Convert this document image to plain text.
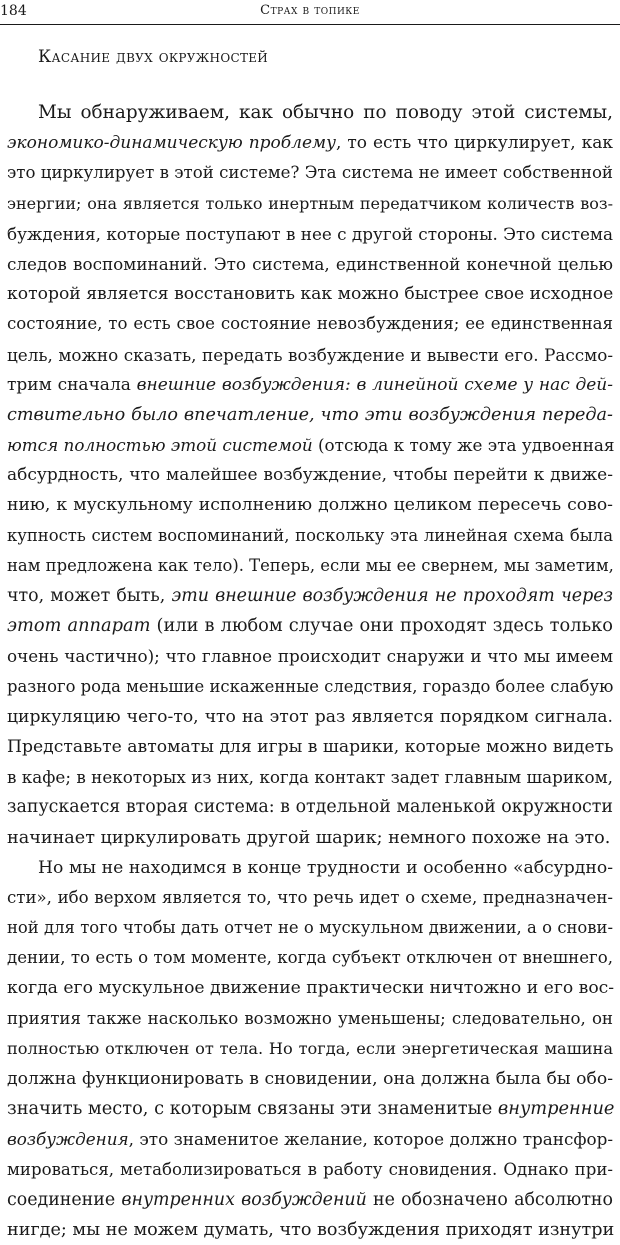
184	Страх в топике
Касание двух окружностей
Мы обнаруживаем, как обычно по поводу этой системы,
экономико-динамическую проблему, то есть что циркулирует, как
это циркулирует в этой системе? Эта система не имеет собственной
энергии; она является только инертным передатчиком количеств воз-
буждения, которые поступают в нее с другой стороны. Это система
следов воспоминаний. Это система, единственной конечной целью
которой является восстановить как можно быстрее свое исходное
состояние, то есть свое состояние невозбуждения; ее единственная
цель, можно сказать, передать возбуждение и вывести его. Рассмо-
трим сначала внешние возбуждения: в линейной схеме у нас дей-
ствительно было впечатление, что эти возбуждения переда-
ются полностью этой системой (отсюда к тому же эта удвоенная
абсурдность, что малейшее возбуждение, чтобы перейти к движе-
нию, к мускульному исполнению должно целиком пересечь сово-
купность систем воспоминаний, поскольку эта линейная схема была
нам предложена как тело). Теперь, если мы ее свернем, мы заметим,
что, может быть, эти внешние возбуждения не проходят через
этот аппарат (или в любом случае они проходят здесь только
очень частично); что главное происходит снаружи и что мы имеем
разного рода меньшие искаженные следствия, гораздо более слабую
циркуляцию чего-то, что на этот раз является порядком сигнала.
Представьте автоматы для игры в шарики, которые можно видеть
в кафе; в некоторых из них, когда контакт задет главным шариком,
запускается вторая система: в отдельной маленькой окружности
начинает циркулировать другой шарик; немного похоже на это.
Но мы не находимся в конце трудности и особенно «абсурдно-
сти», ибо верхом является то, что речь идет о схеме, предназначен-
ной для того чтобы дать отчет не о мускульном движении, а о снови-
дении, то есть о том моменте, когда субъект отключен от внешнего,
когда его мускульное движение практически ничтожно и его вос-
приятия также насколько возможно уменьшены; следовательно, он
полностью отключен от тела. Но тогда, если энергетическая машина
должна функционировать в сновидении, она должна была бы обо-
значить место, с которым связаны эти знаменитые внутренние
возбуждения, это знаменитое желание, которое должно трансфор-
мироваться, метаболизироваться в работу сновидения. Однако при-
соединение внутренних возбуждений не обозначено абсолютно
нигде; мы не можем думать, что возбуждения приходят изнутри
